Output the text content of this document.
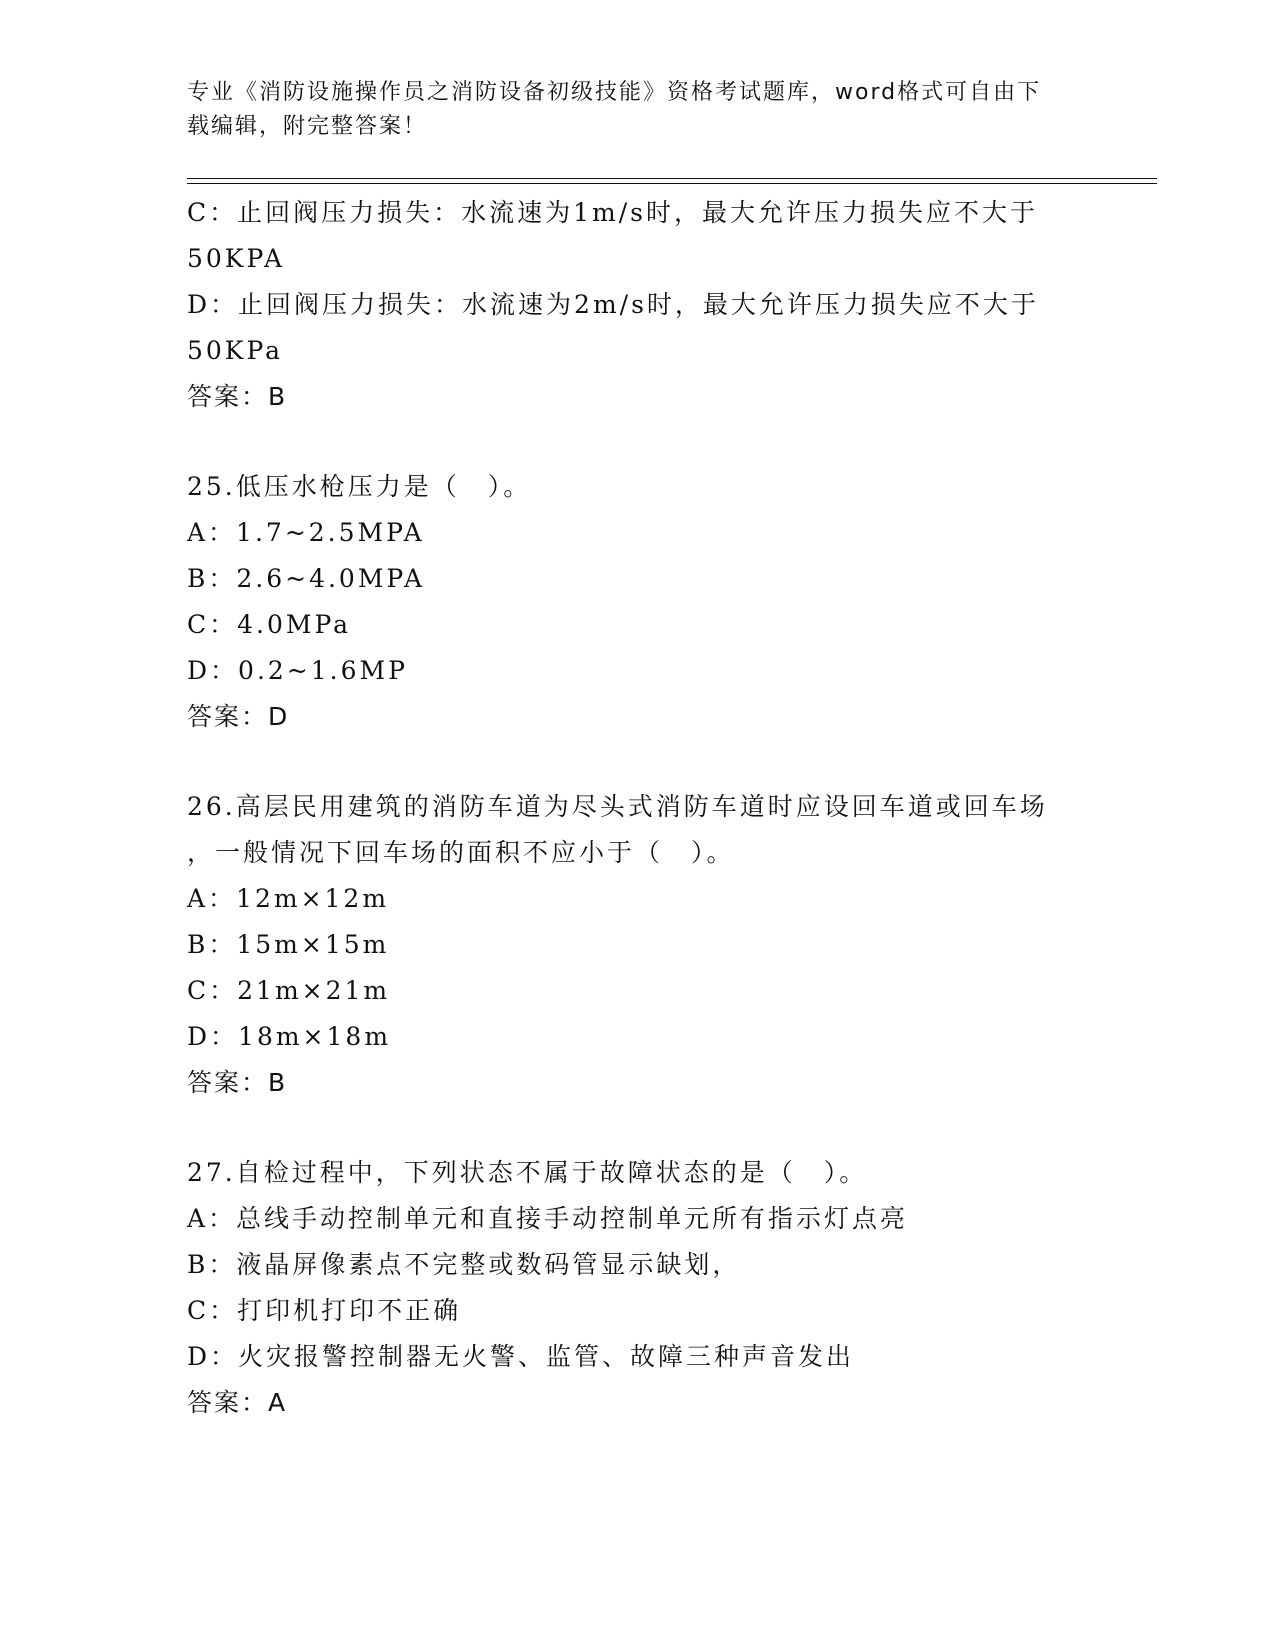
专业《消防设施操作员之消防设备初级技能》资格考试题库，word格式可自由下
载编辑，附完整答案！
C：止回阀压力损失：水流速为1m/s时，最大允许压力损失应不大于
50KPA
D：止回阀压力损失：水流速为2m/s时，最大允许压力损失应不大于
50KPa
答案：B
25.低压水枪压力是（　）。
A：1.7~2.5MPA
B：2.6~4.0MPA
C：4.0MPa
D：0.2~1.6MP
答案：D
26.高层民用建筑的消防车道为尽头式消防车道时应设回车道或回车场
，一般情况下回车场的面积不应小于（　）。
A：12m×12m
B：15m×15m
C：21m×21m
D：18m×18m
答案：B
27.自检过程中，下列状态不属于故障状态的是（　）。
A：总线手动控制单元和直接手动控制单元所有指示灯点亮
B：液晶屏像素点不完整或数码管显示缺划，
C：打印机打印不正确
D：火灾报警控制器无火警、监管、故障三种声音发出
答案：A
